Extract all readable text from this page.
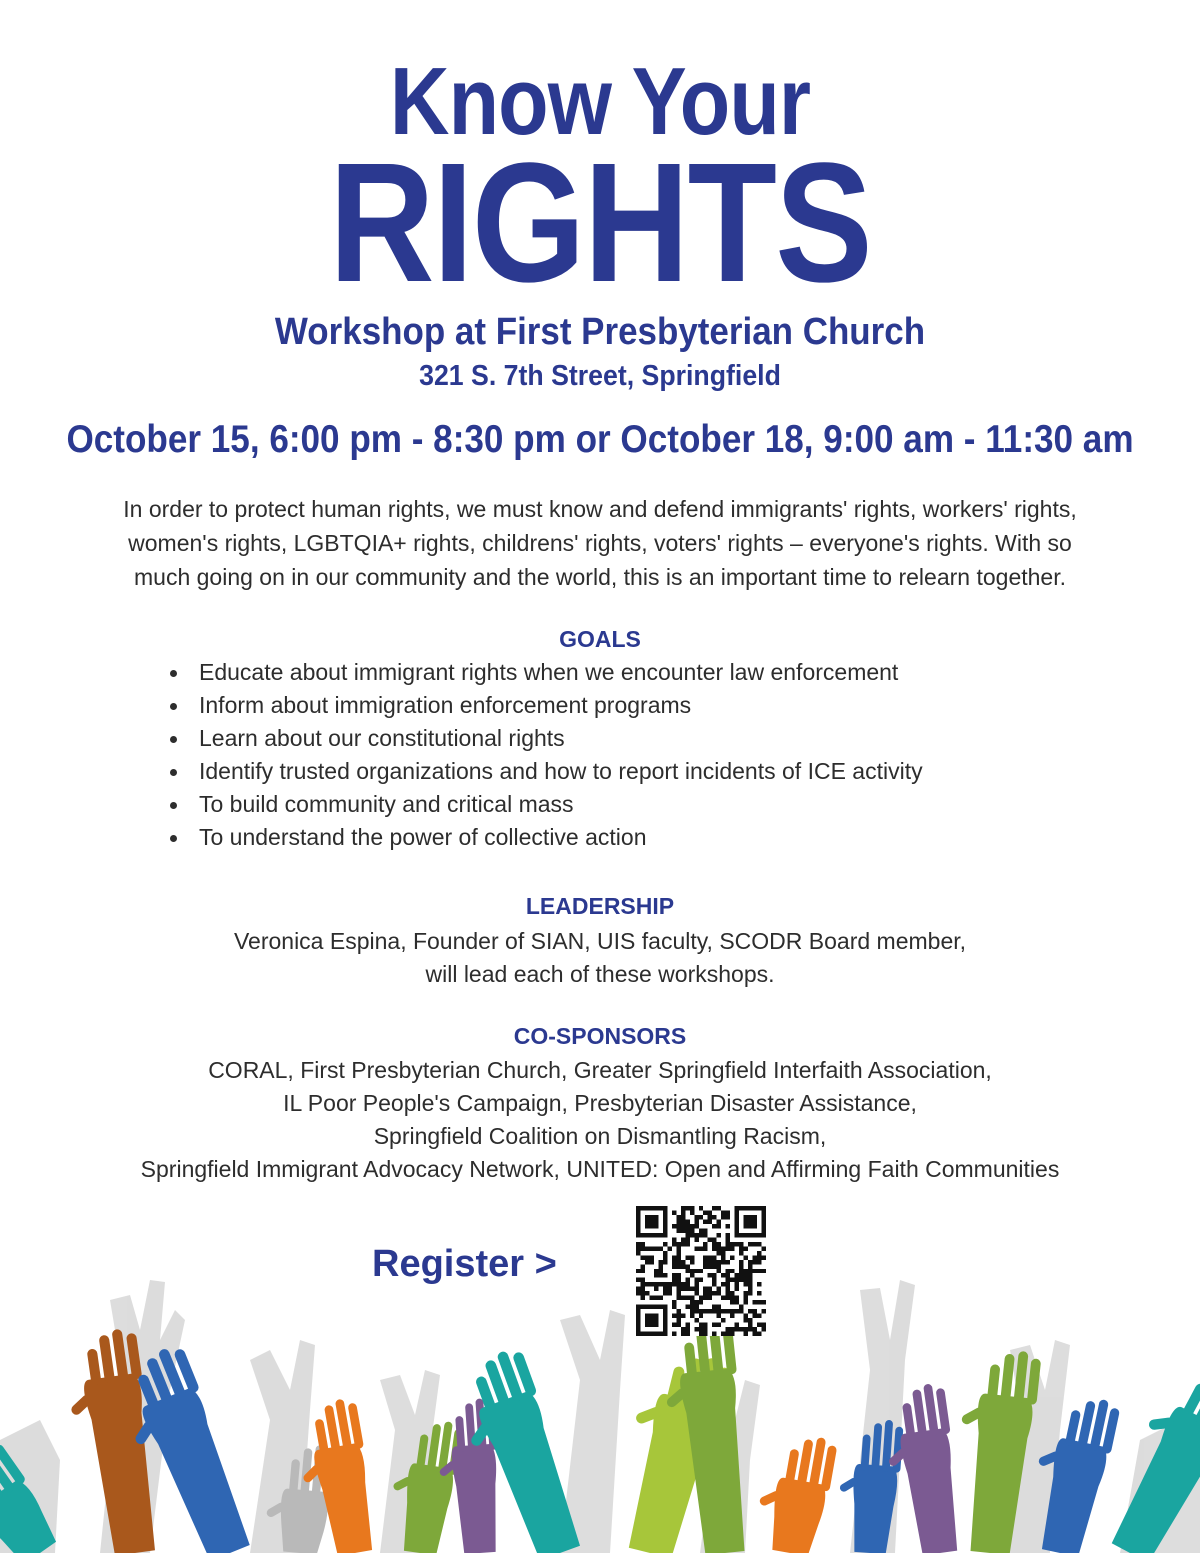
Know Your
RIGHTS
Workshop at First Presbyterian Church
321 S. 7th Street, Springfield
October 15, 6:00 pm - 8:30 pm or October 18, 9:00 am - 11:30 am
In order to protect human rights, we must know and defend immigrants' rights, workers' rights,
women's rights, LGBTQIA+ rights, childrens' rights, voters' rights – everyone's rights. With so
much going on in our community and the world, this is an important time to relearn together.
GOALS
Educate about immigrant rights when we encounter law enforcement
Inform about immigration enforcement programs
Learn about our constitutional rights
Identify trusted organizations and how to report incidents of ICE activity
To build community and critical mass
To understand the power of collective action
LEADERSHIP
Veronica Espina, Founder of SIAN, UIS faculty, SCODR Board member,
will lead each of these workshops.
CO-SPONSORS
CORAL, First Presbyterian Church, Greater Springfield Interfaith Association,
IL Poor People's Campaign, Presbyterian Disaster Assistance,
Springfield Coalition on Dismantling Racism,
Springfield Immigrant Advocacy Network, UNITED: Open and Affirming Faith Communities
Register >
